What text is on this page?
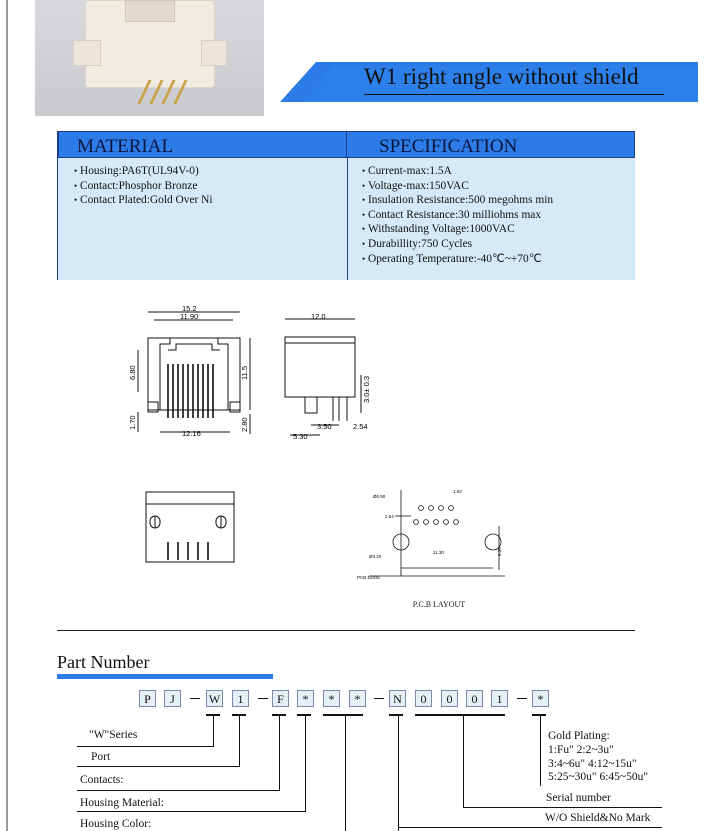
W1 right angle without shield
MATERIAL	SPECIFICATION
• Housing:PA6T(UL94V-0)
• Contact:Phosphor Bronze
• Contact Plated:Gold Over Ni
• Current-max:1.5A
• Voltage-max:150VAC
• Insulation Resistance:500 megohms min
• Contact Resistance:30 milliohms max
• Withstanding Voltage:1000VAC
• Durabillity:750 Cycles
• Operating Temperature:-40℃~+70℃
15.2
11.90
6.80	11.5
1.70
12.16
2.80
12.0
3.0± 0.3
3.50	2.54
5.30
Ø0.90
1.02
2.54
Ø3.20
11.30	6.30
PCB EDGE
P.C.B LAYOUT
Part Number
P	J	W	1	F	*	*	*	N	0	0	0	1	*
"W"Series
Port
Contacts:
Housing Material:
Housing Color:
Serial number
W/O Shield&No Mark
Gold Plating:
1:Fu" 2:2~3u"
3:4~6u" 4:12~15u"
5:25~30u" 6:45~50u"
